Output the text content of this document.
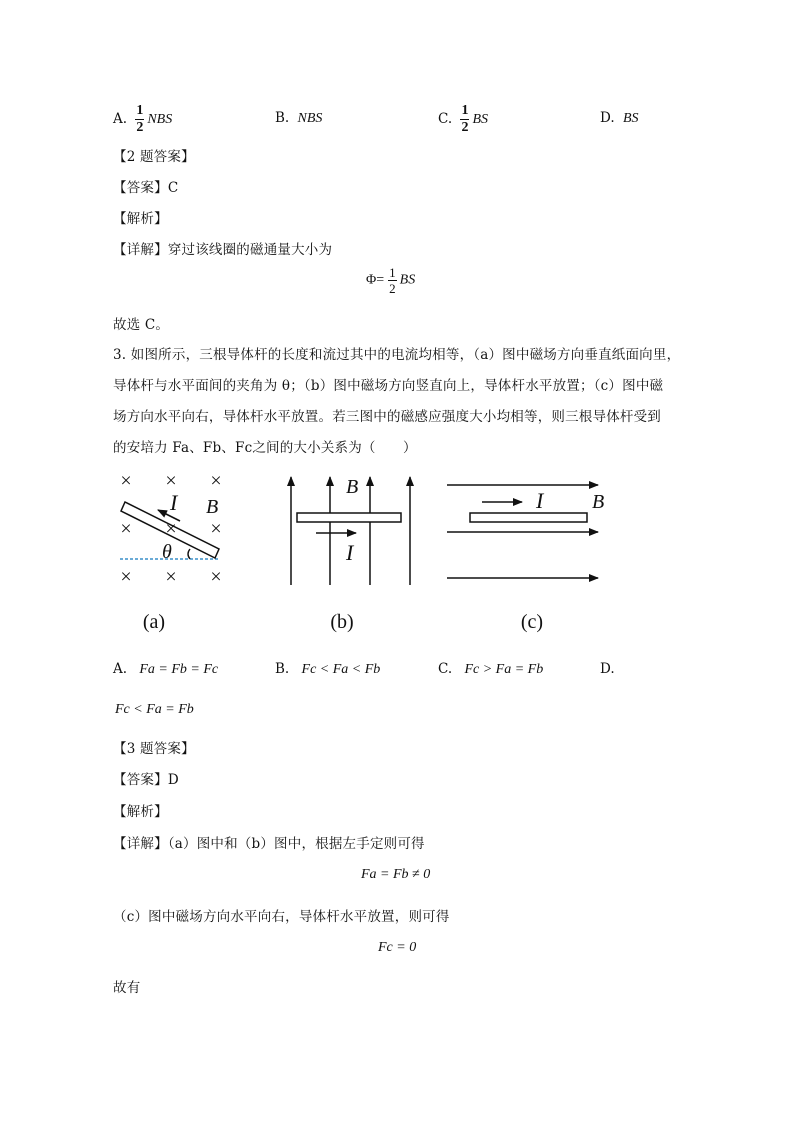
A. $\frac{1}{2}$ NBS	B. NBS	C. $\frac{1}{2}$ BS	D. BS
【2 题答案】
【答案】C
【解析】
【详解】穿过该线圈的磁通量大小为
$\Phi= \frac{1}{2}$ BS
故选 C。
3. 如图所示，三根导体杆的长度和流过其中的电流均相等，（a）图中磁场方向垂直纸面向里，
导体杆与水平面间的夹角为 θ；（b）图中磁场方向竖直向上，导体杆水平放置；（c）图中磁
场方向水平向右，导体杆水平放置。若三图中的磁感应强度大小均相等，则三根导体杆受到
的安培力 Fa、Fb、Fc之间的大小关系为（　　）
× × ×
× × ×
× × ×
I B
θ
(a)
B
I
(b)
I B
(c)
A. Fa = Fb = Fc	B. Fc < Fa < Fb	C. Fc > Fa = Fb	D.
Fc < Fa = Fb
【3 题答案】
【答案】D
【解析】
【详解】（a）图中和（b）图中，根据左手定则可得
Fa = Fb ≠ 0
（c）图中磁场方向水平向右，导体杆水平放置，则可得
Fc = 0
故有
